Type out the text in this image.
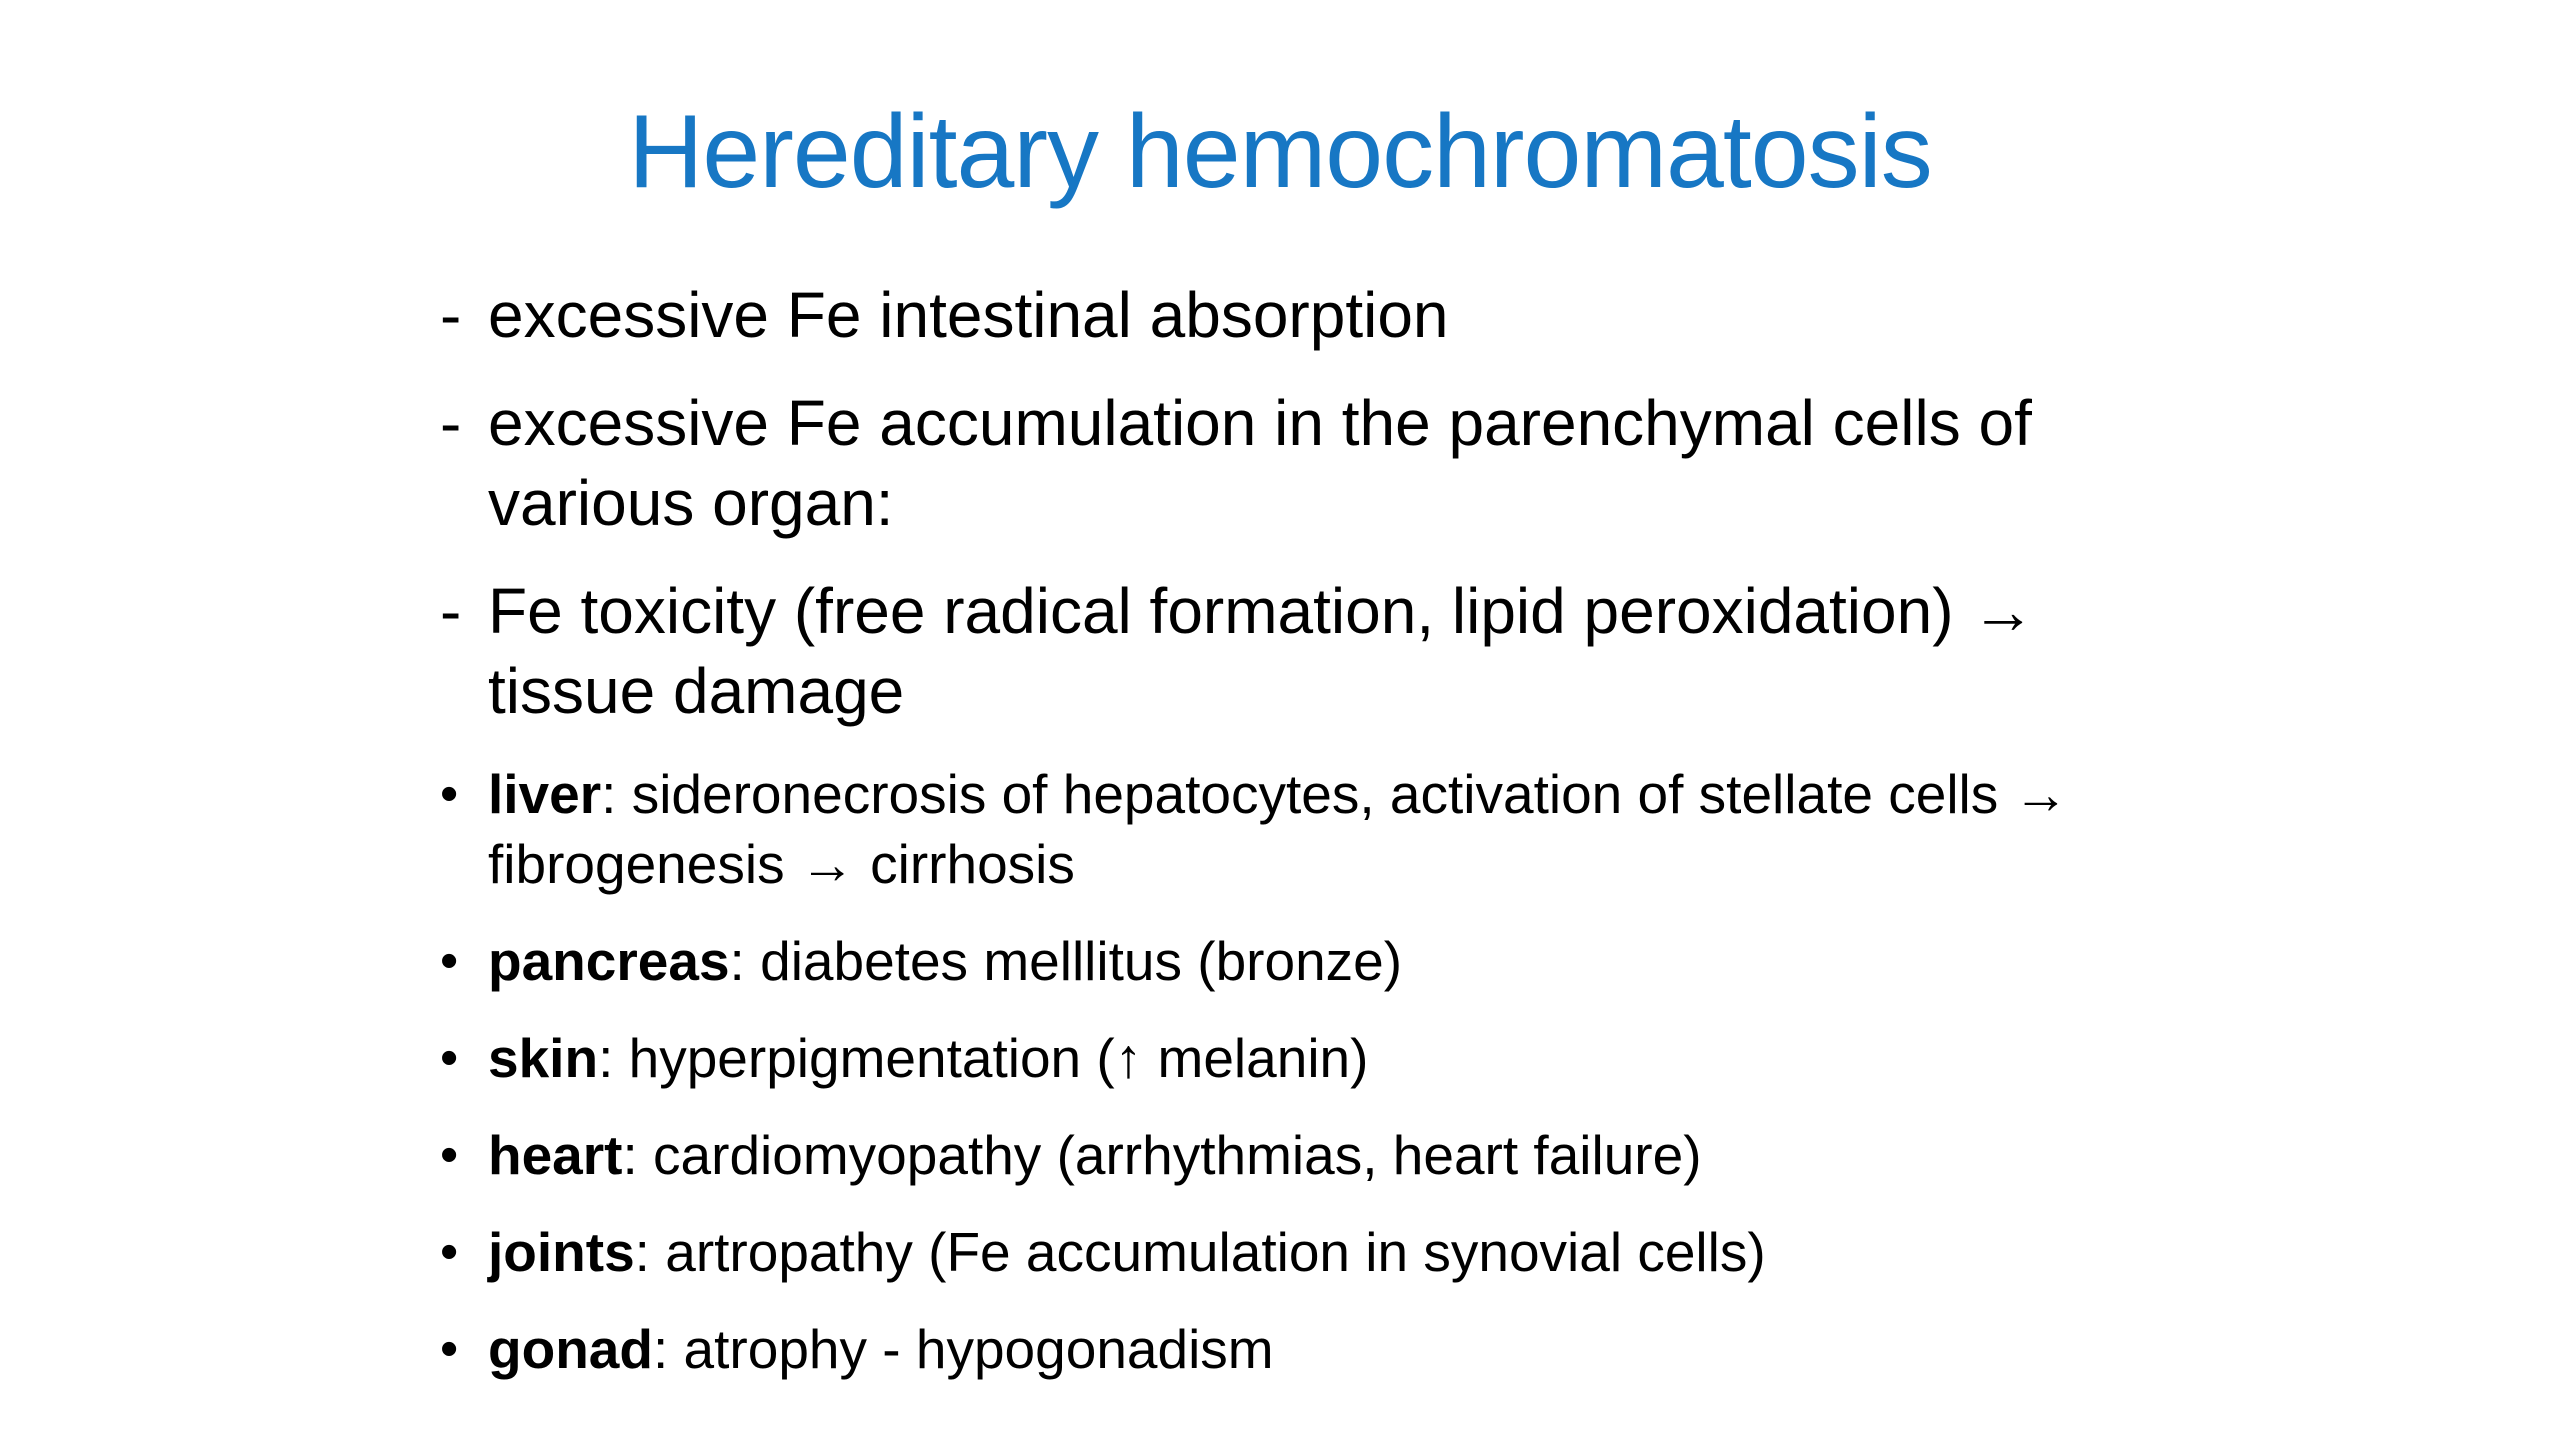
Hereditary hemochromatosis
- excessive Fe intestinal absorption
- excessive Fe accumulation in the parenchymal cells of various organ:
- Fe toxicity (free radical formation, lipid peroxidation) → tissue damage
• liver: sideronecrosis of hepatocytes, activation of stellate cells → fibrogenesis → cirrhosis
• pancreas: diabetes melllitus (bronze)
• skin: hyperpigmentation (↑ melanin)
• heart: cardiomyopathy (arrhythmias, heart failure)
• joints: artropathy (Fe accumulation in synovial cells)
• gonad: atrophy - hypogonadism
